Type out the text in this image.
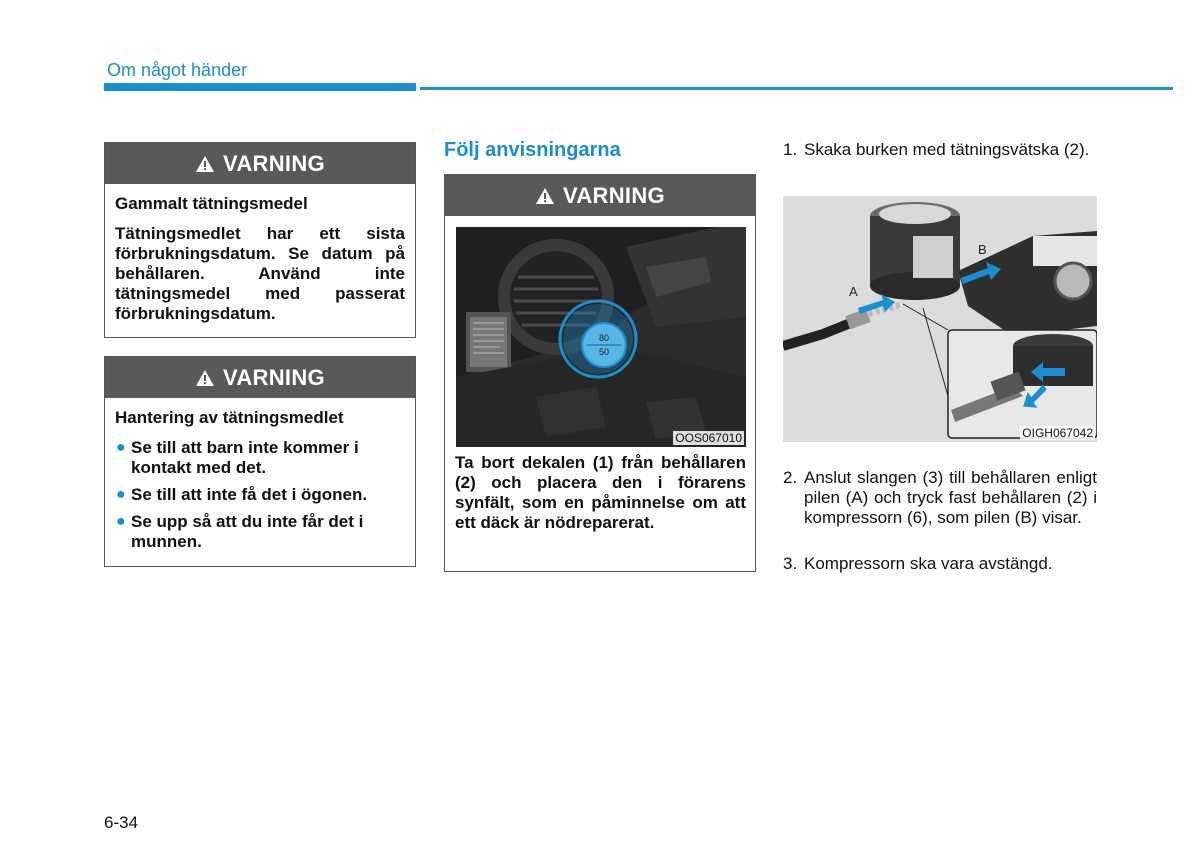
Om något händer
VARNING
Gammalt tätningsmedel
Tätningsmedlet har ett sista förbrukningsdatum. Se datum på behållaren. Använd inte tätningsmedel med passerat förbrukningsdatum.
VARNING
Hantering av tätningsmedlet
● Se till att barn inte kommer i kontakt med det.
● Se till att inte få det i ögonen.
● Se upp så att du inte får det i munnen.
Följ anvisningarna
VARNING
80
50
OOS067010
Ta bort dekalen (1) från behållaren (2) och placera den i förarens synfält, som en påminnelse om att ett däck är nödreparerat.
1. Skaka burken med tätningsvätska (2).
A
B
OIGH067042
2. Anslut slangen (3) till behållaren enligt pilen (A) och tryck fast behållaren (2) i kompressorn (6), som pilen (B) visar.
3. Kompressorn ska vara avstängd.
6-34
